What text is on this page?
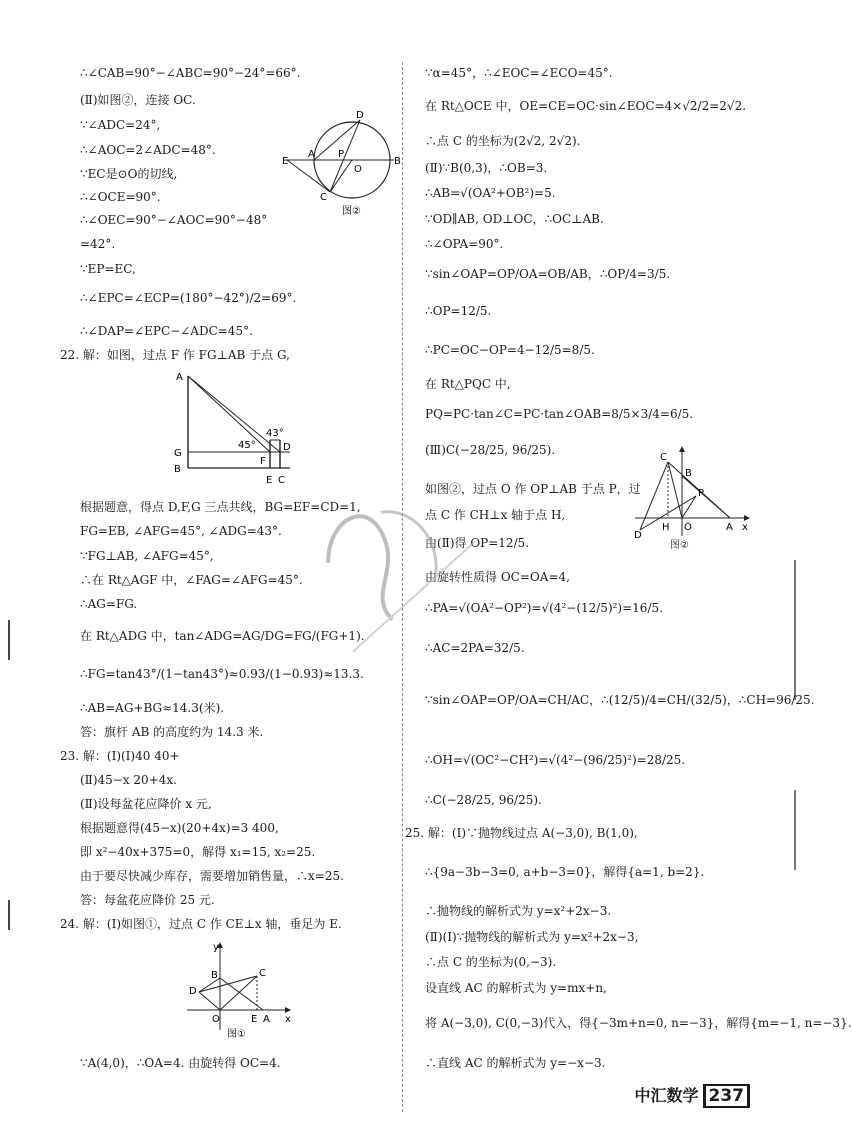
∴∠CAB=90°−∠ABC=90°−24°=66°.
(Ⅱ)如图②，连接 OC.
∵∠ADC=24°,
∴∠AOC=2∠ADC=48°.
∵EC是⊙O的切线,
∴∠OCE=90°.
∴∠OEC=90°−∠AOC=90°−48°
=42°.
∵EP=EC,
∴∠EPC=∠ECP=(180°−42°)/2=69°.
∴∠DAP=∠EPC−∠ADC=45°.
22. 解：如图，过点 F 作 FG⊥AB 于点 G,
A
G
B
45°
43°
D
F
E C
根据题意，得点 D,F,G 三点共线，BG=EF=CD=1,
FG=EB, ∠AFG=45°, ∠ADG=43°.
∵FG⊥AB, ∠AFG=45°,
∴在 Rt△AGF 中，∠FAG=∠AFG=45°.
∴AG=FG.
在 Rt△ADG 中，tan∠ADG=AG/DG=FG/(FG+1).
∴FG=tan43°/(1−tan43°)≈0.93/(1−0.93)≈13.3.
∴AB=AG+BG≈14.3(米).
答：旗杆 AB 的高度约为 14.3 米.
23. 解：(Ⅰ)(Ⅰ)40 40+
(Ⅱ)45−x 20+4x.
(Ⅱ)设每盆花应降价 x 元,
根据题意得(45−x)(20+4x)=3 400,
即 x²−40x+375=0，解得 x₁=15, x₂=25.
由于要尽快减少库存，需要增加销售量，∴x=25.
答：每盆花应降价 25 元.
24. 解：(Ⅰ)如图①，过点 C 作 CE⊥x 轴，垂足为 E.
y
B	C
D
O	E A x
图①
∵A(4,0)，∴OA=4. 由旋转得 OC=4.
D
A P
O
B
E
C
图②
∵α=45°，∴∠EOC=∠ECO=45°.
在 Rt△OCE 中，OE=CE=OC·sin∠EOC=4×√2/2=2√2.
∴点 C 的坐标为(2√2, 2√2).
(Ⅱ)∵B(0,3)，∴OB=3.
∴AB=√(OA²+OB²)=5.
∵OD∥AB, OD⊥OC，∴OC⊥AB.
∴∠OPA=90°.
∵sin∠OAP=OP/OA=OB/AB，∴OP/4=3/5.
∴OP=12/5.
∴PC=OC−OP=4−12/5=8/5.
在 Rt△PQC 中,
PQ=PC·tan∠C=PC·tan∠OAB=8/5×3/4=6/5.
(Ⅲ)C(−28/25, 96/25).
如图②，过点 O 作 OP⊥AB 于点 P，过
点 C 作 CH⊥x 轴于点 H,
由(Ⅱ)得 OP=12/5.
由旋转性质得 OC=OA=4,
∴PA=√(OA²−OP²)=√(4²−(12/5)²)=16/5.
∴AC=2PA=32/5.
∵sin∠OAP=OP/OA=CH/AC，∴(12/5)/4=CH/(32/5)，∴CH=96/25.
∴OH=√(OC²−CH²)=√(4²−(96/25)²)=28/25.
∴C(−28/25, 96/25).
25. 解：(Ⅰ)∵抛物线过点 A(−3,0), B(1,0),
∴{9a−3b−3=0, a+b−3=0}，解得{a=1, b=2}.
∴抛物线的解析式为 y=x²+2x−3.
(Ⅱ)(Ⅰ)∵抛物线的解析式为 y=x²+2x−3,
∴点 C 的坐标为(0,−3).
设直线 AC 的解析式为 y=mx+n,
将 A(−3,0), C(0,−3)代入，得{−3m+n=0, n=−3}，解得{m=−1, n=−3}.
∴直线 AC 的解析式为 y=−x−3.
C
B
P
D
H O	A x
图②
中汇数学 237
